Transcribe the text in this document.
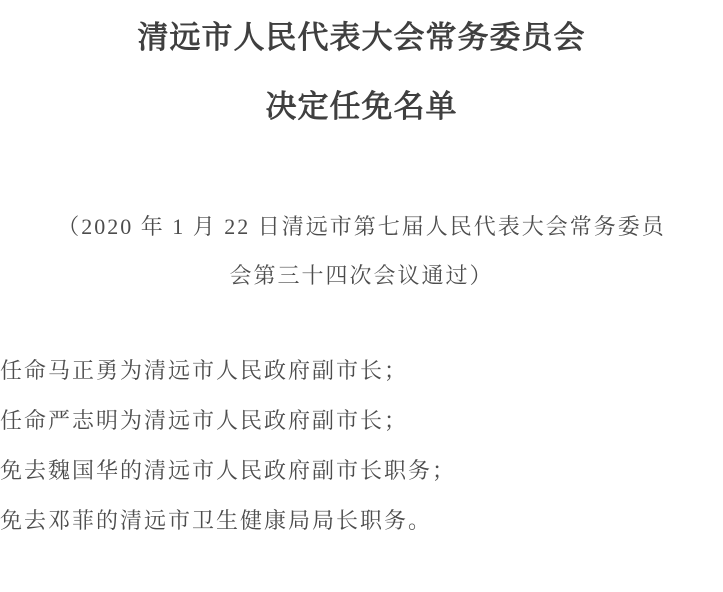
清远市人民代表大会常务委员会
决定任免名单

（2020 年 1 月 22 日清远市第七届人民代表大会常务委员

会第三十四次会议通过）

任命马正勇为清远市人民政府副市长；

任命严志明为清远市人民政府副市长；

免去魏国华的清远市人民政府副市长职务；

免去邓菲的清远市卫生健康局局长职务。
